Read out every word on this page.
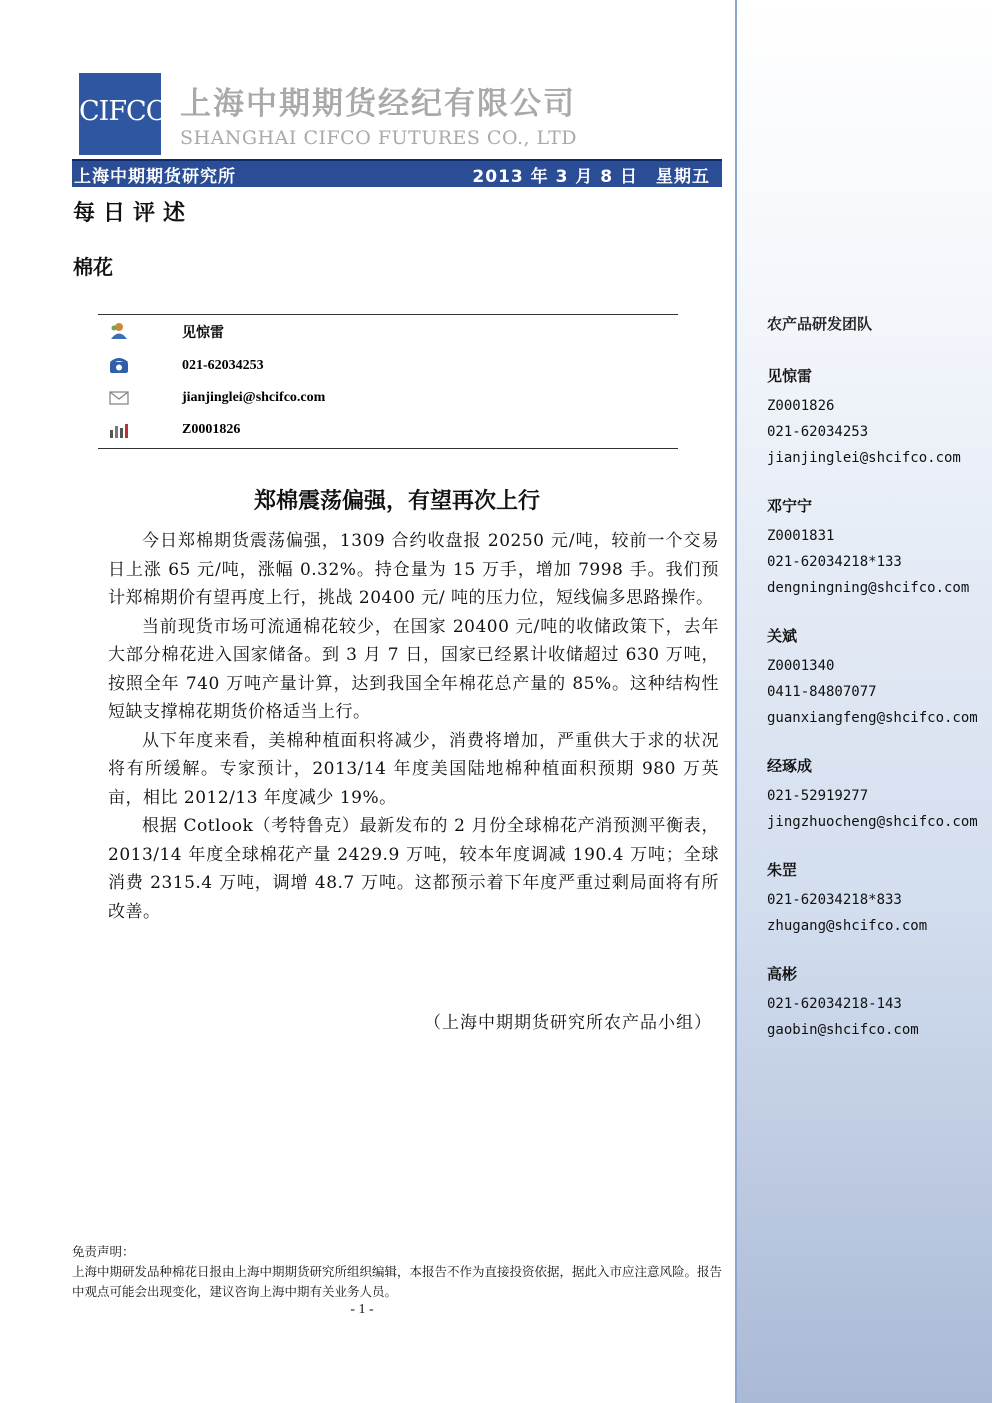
农产品研发团队
见惊雷
Z0001826
021-62034253
jianjinglei@shcifco.com
邓宁宁
Z0001831
021-62034218*133
dengningning@shcifco.com
关斌
Z0001340
0411-84807077
guanxiangfeng@shcifco.com
经琢成
021-52919277
jingzhuocheng@shcifco.com
朱罡
021-62034218*833
zhugang@shcifco.com
高彬
021-62034218-143
gaobin@shcifco.com
CIFCO 上海中期期货经纪有限公司
SHANGHAI CIFCO FUTURES CO., LTD
上海中期期货研究所	2013 年 3 月 8 日　星期五
每日评述
棉花
见惊雷
021-62034253
jianjinglei@shcifco.com
Z0001826
郑棉震荡偏强，有望再次上行

今日郑棉期货震荡偏强，1309 合约收盘报 20250 元/吨，较前一个交易日上涨 65 元/吨，涨幅 0.32%。持仓量为 15 万手，增加 7998 手。我们预计郑棉期价有望再度上行，挑战 20400 元/ 吨的压力位，短线偏多思路操作。

当前现货市场可流通棉花较少，在国家 20400 元/吨的收储政策下，去年大部分棉花进入国家储备。到 3 月 7 日，国家已经累计收储超过 630 万吨，按照全年 740 万吨产量计算，达到我国全年棉花总产量的 85%。这种结构性短缺支撑棉花期货价格适当上行。

从下年度来看，美棉种植面积将减少，消费将增加，严重供大于求的状况将有所缓解。专家预计，2013/14 年度美国陆地棉种植面积预期 980 万英亩，相比 2012/13 年度减少 19%。

根据 Cotlook（考特鲁克）最新发布的 2 月份全球棉花产消预测平衡表，2013/14 年度全球棉花产量 2429.9 万吨，较本年度调减 190.4 万吨；全球消费 2315.4 万吨，调增 48.7 万吨。这都预示着下年度严重过剩局面将有所改善。

（上海中期期货研究所农产品小组）
免责声明：
上海中期研发品种棉花日报由上海中期期货研究所组织编辑，本报告不作为直接投资依据，据此入市应注意风险。报告中观点可能会出现变化，建议咨询上海中期有关业务人员。
- 1 -
